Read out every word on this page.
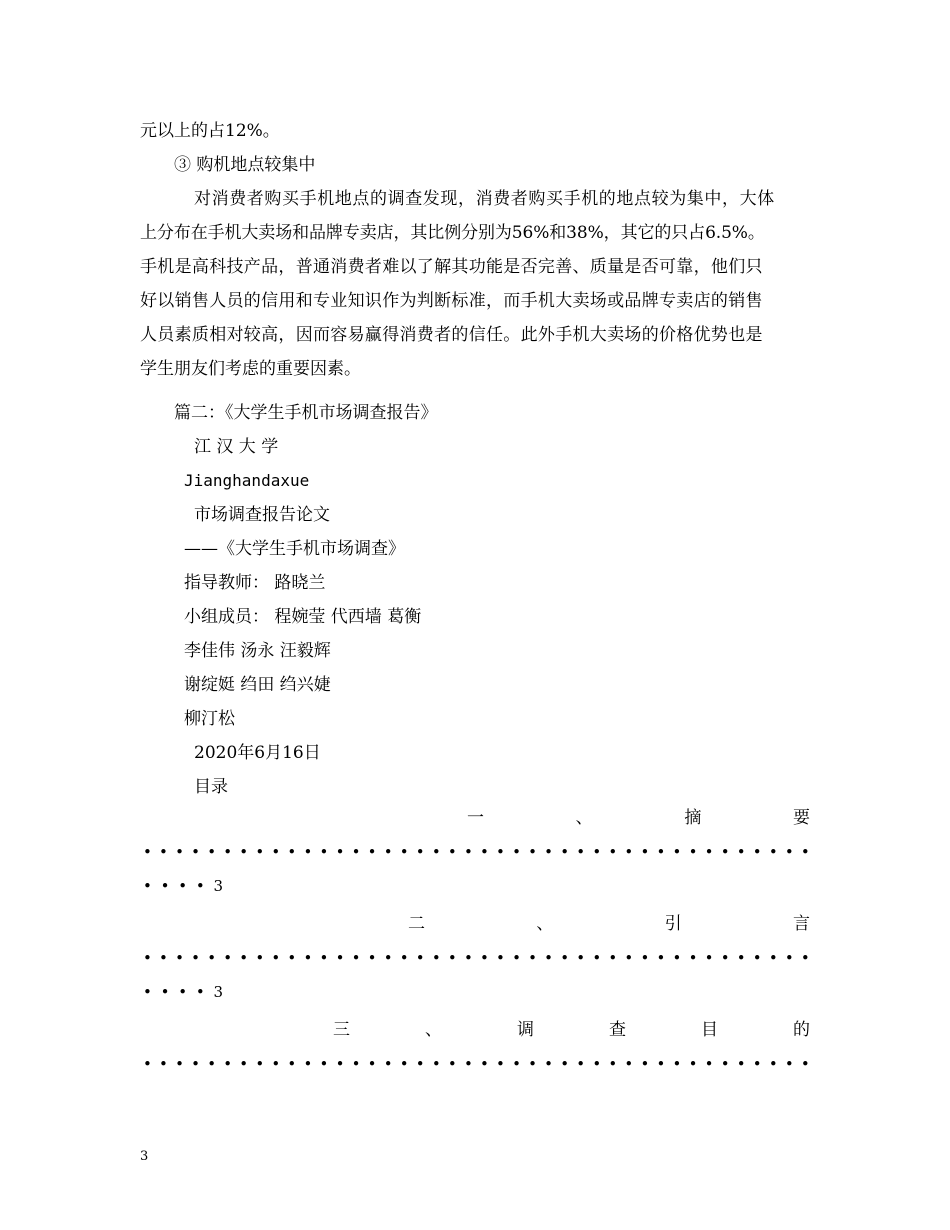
元以上的占12%。
③ 购机地点较集中
对消费者购买手机地点的调查发现，消费者购买手机的地点较为集中，大体
上分布在手机大卖场和品牌专卖店，其比例分别为56%和38%，其它的只占6.5%。
手机是高科技产品，普通消费者难以了解其功能是否完善、质量是否可靠，他们只
好以销售人员的信用和专业知识作为判断标准，而手机大卖场或品牌专卖店的销售
人员素质相对较高，因而容易赢得消费者的信任。此外手机大卖场的价格优势也是
学生朋友们考虑的重要因素。
篇二：《大学生手机市场调查报告》
江 汉 大 学
Jianghandaxue
市场调查报告论文
——《大学生手机市场调查》
指导教师： 路晓兰
小组成员： 程婉莹 代西墙 葛衡
李佳伟 汤永 汪毅辉
谢绽娗 绉田 绉兴婕
柳汀松
2020年6月16日
目录
一	、	摘	要
• • • • • • • • • • • • • • • • • • • • • • • • • • • • • • • • • • • • • • • • • •
• • • • 3
二	、	引	言
• • • • • • • • • • • • • • • • • • • • • • • • • • • • • • • • • • • • • • • • • •
• • • • 3
三	、	调	查	目	的
• • • • • • • • • • • • • • • • • • • • • • • • • • • • • • • • • • • • • • • • • •
3
